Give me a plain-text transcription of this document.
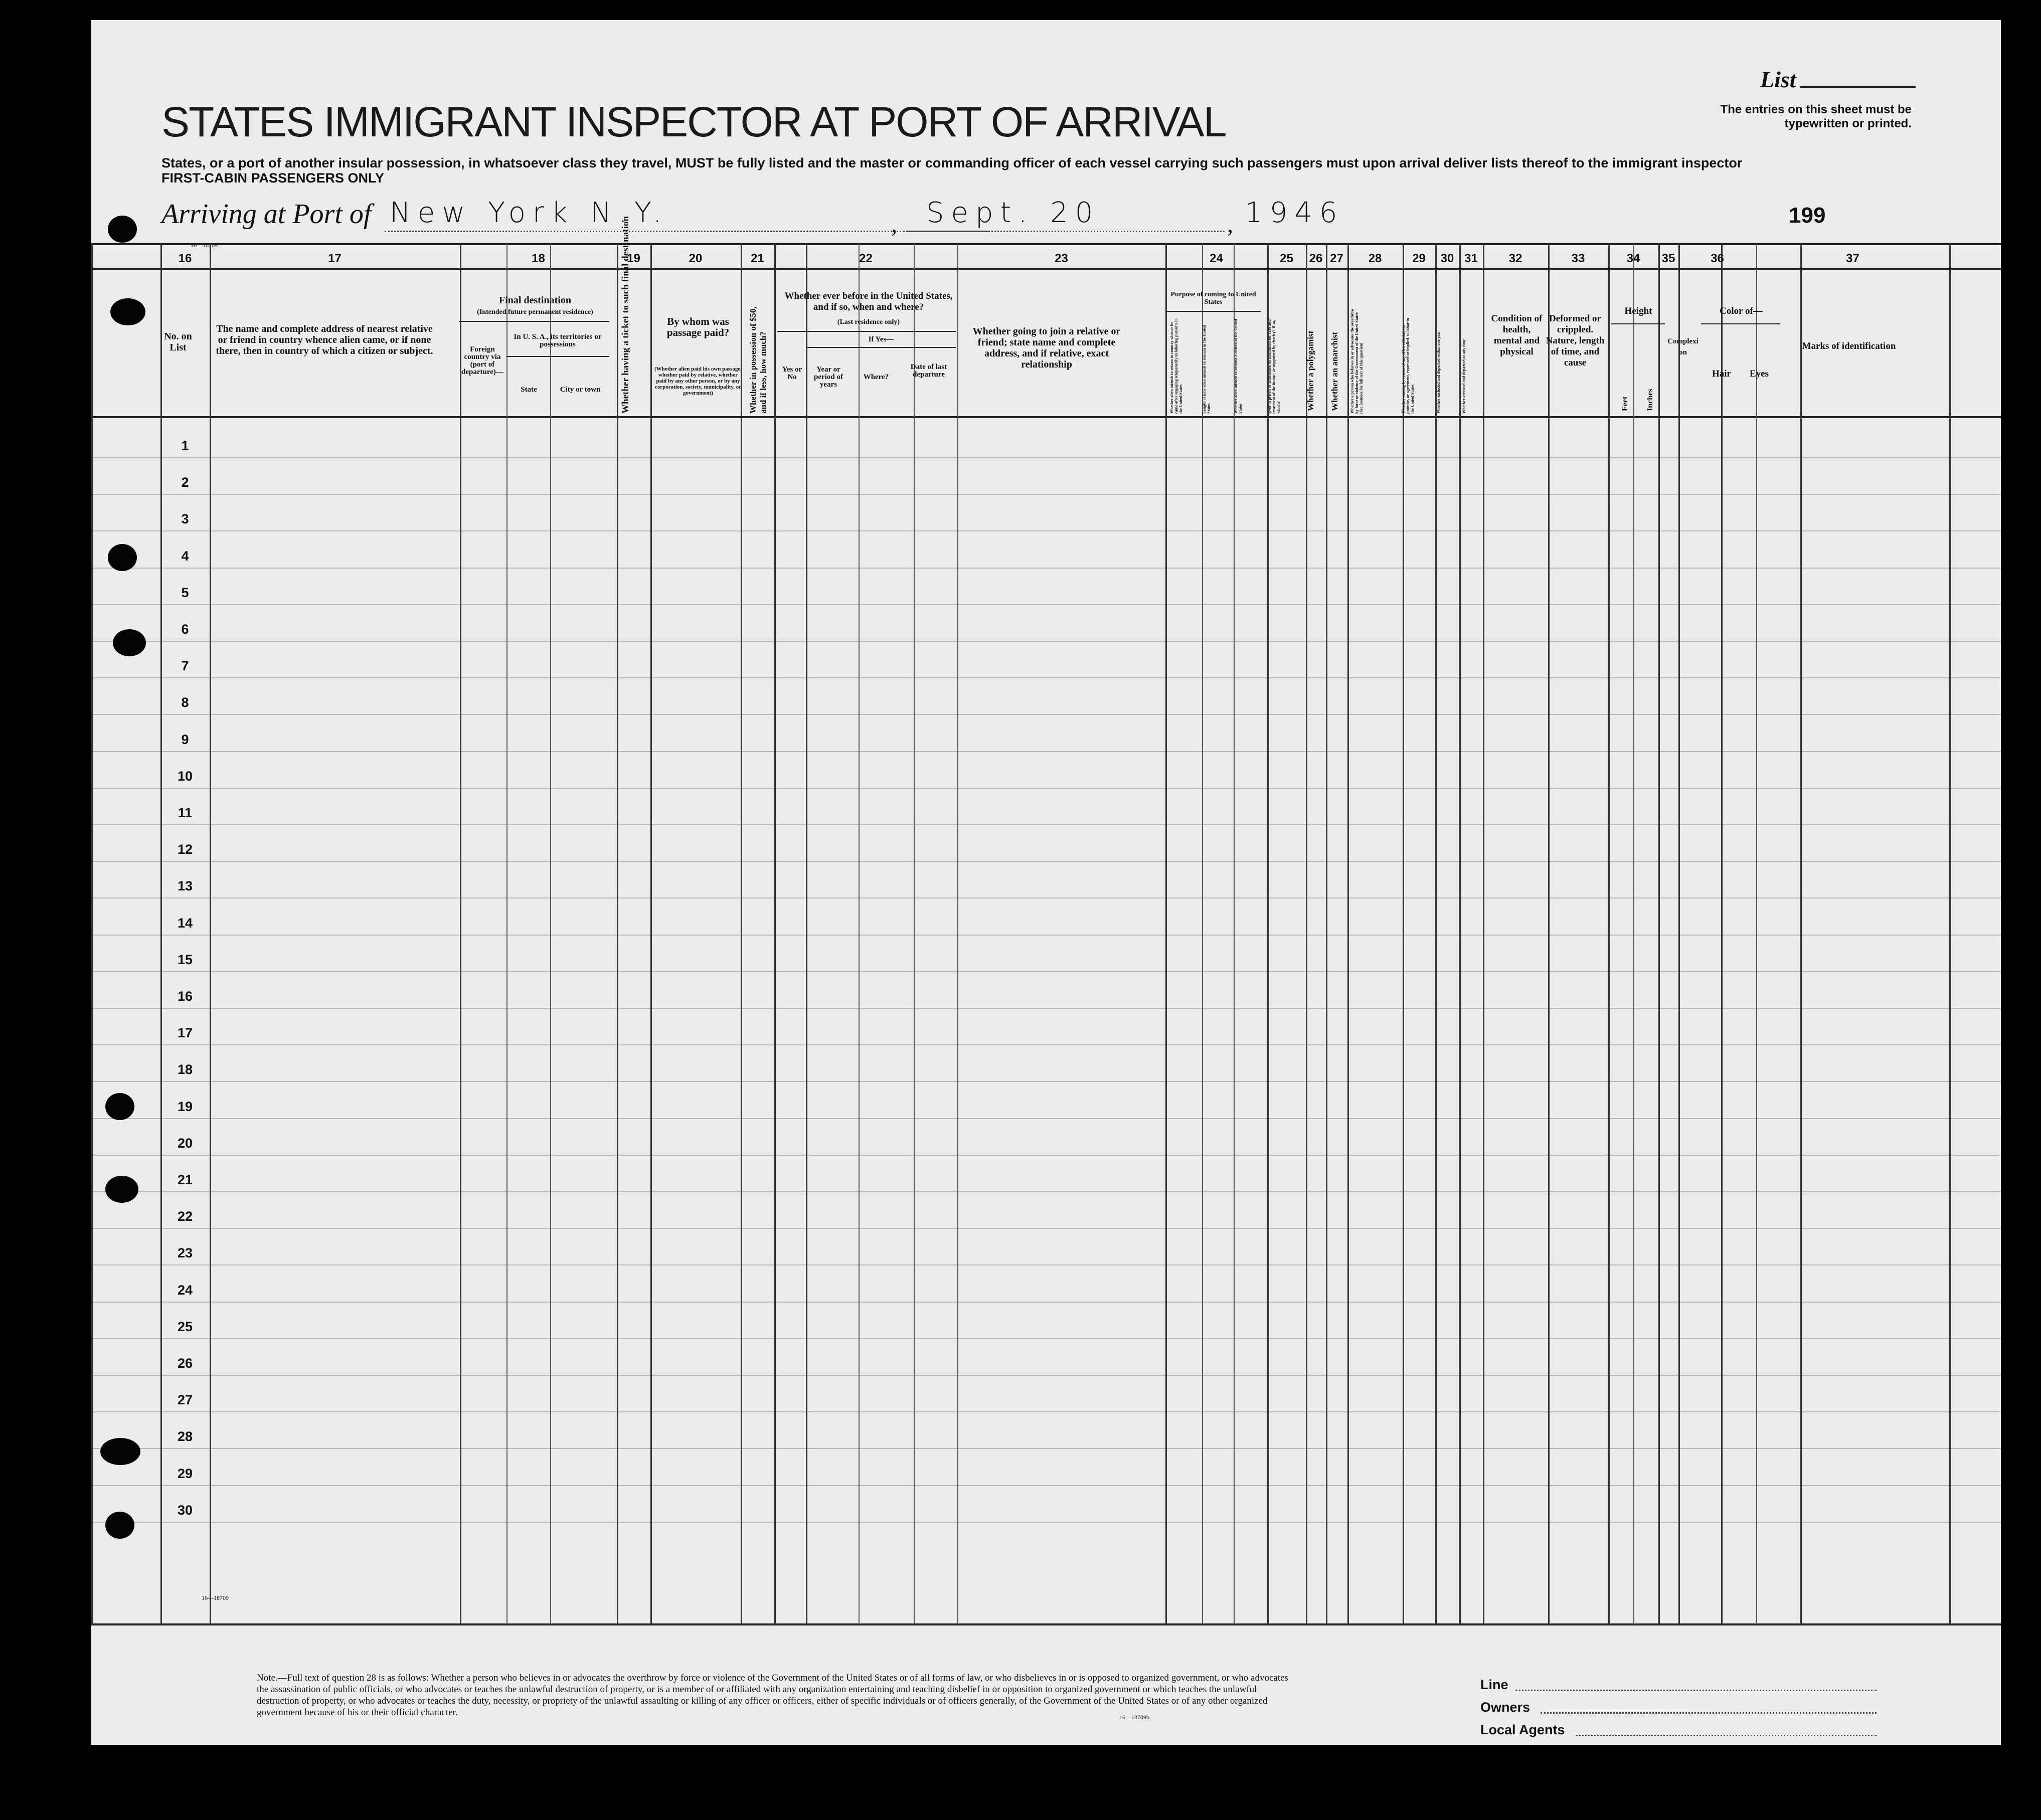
STATES IMMIGRANT INSPECTOR AT PORT OF ARRIVAL
States, or a port of another insular possession, in whatsoever class they travel, MUST be fully listed and the master or commanding officer of each vessel carrying such passengers must upon arrival deliver lists thereof to the immigrant inspector
FIRST-CABIN PASSENGERS ONLY
List
The entries on this sheet must be typewritten or printed.
Arriving at Port of New York N.Y.	, Sept. 20	, 1946	199
16—18709
1
2
3
4
5
6
7
8
9
10
11
12
13
14
15
16
17
18
19
20
21
22
23
24
25
26
27
28
29
30
16	17	18	19	20	21	22	23	24	25	26 27	28	29	30 31	32	33	34	35	36	37
No. on List
The name and complete address of nearest relative or friend in country whence alien came, or if none there, then in country of which a citizen or subject.
Final destination
(Intended future permanent residence)
Foreign country via (port of departure)—
In U. S. A., its territories or possessions
State	City or town	Whether having a ticket to such final destination	By whom was passage paid?
(Whether alien paid his own passage, whether paid by relative, whether paid by any other person, or by any corporation, society, municipality, or government)	Whether in possession of $50, and if less, how much?
Whether ever before in the United States, and if so, when and where?
(Last residence only)
If Yes—
Yes or No
Year or period of years
Where?
Date of last departure
Whether going to join a relative or friend; state name and complete address, and if relative, exact relationship
Purpose of coming to United States
Whether alien intends to return to country whence he came after engaging temporarily in laboring pursuits in the United States	Length of time alien intends to remain in the United States	Whether alien intends to become a citizen of the United States	Ever in prison or almshouse, or institution for care and treatment of the insane, or supported by charity? If so, which?	Whether a polygamist	Whether an anarchist	Whether a person who believes in or advocates the overthrow by force or violence of the Government of the United States (See footnote for full text of this question)	Whether coming by reason of any offer, solicitation, promise, or agreement, expressed or implied, to labor in the United States	Whether excluded and deported within one year	Whether arrested and deported at any time
Condition of health, mental and physical
Deformed or crippled. Nature, length of time, and cause
Height
Feet	Inches
Complexion
Color of—
Hair	Eyes
Marks of identification
16—18709
Note.—Full text of question 28 is as follows: Whether a person who believes in or advocates the overthrow by force or violence of the Government of the United States or of all forms of law, or who disbelieves in or is opposed to organized government, or who advocates the assassination of public officials, or who advocates or teaches the unlawful destruction of property, or is a member of or affiliated with any organization entertaining and teaching disbelief in or opposition to organized government or which teaches the unlawful destruction of property, or who advocates or teaches the duty, necessity, or propriety of the unlawful assaulting or killing of any officer or officers, either of specific individuals or of officers generally, of the Government of the United States or of any other organized government because of his or their official character.	16—18709b
Line
Owners
Local Agents
